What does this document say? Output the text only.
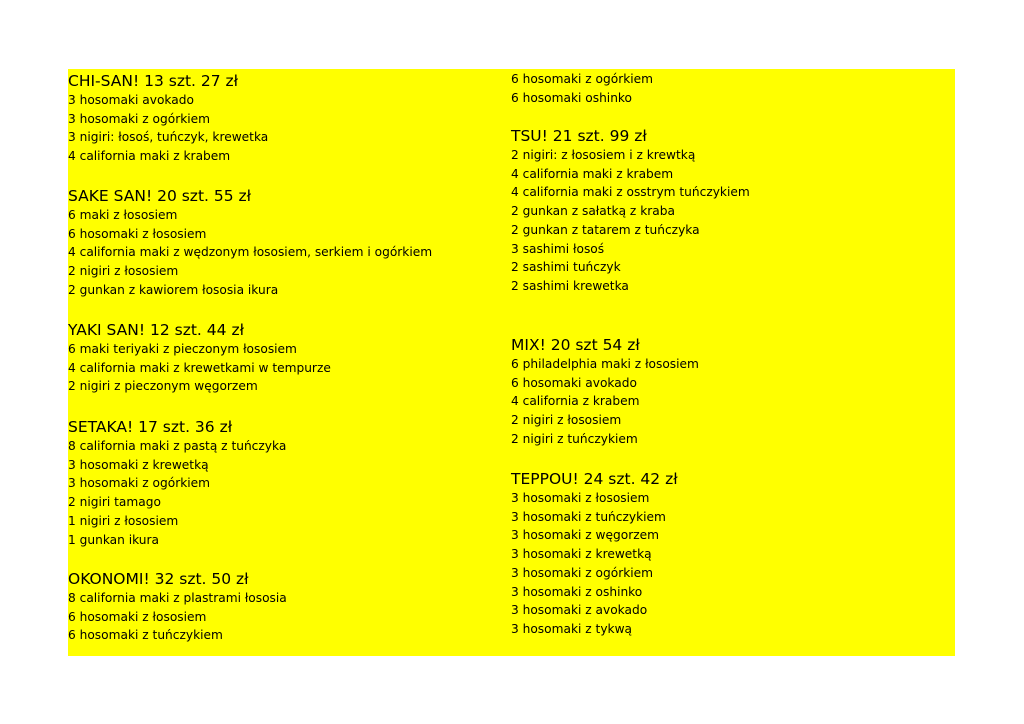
CHI-SAN! 13 szt. 27 zł
3 hosomaki avokado
3 hosomaki z ogórkiem
3 nigiri: łosoś, tuńczyk, krewetka
4 california maki z krabem
SAKE SAN! 20 szt. 55 zł
6 maki z łososiem
6 hosomaki z łososiem
4 california maki z wędzonym łososiem, serkiem i ogórkiem
2 nigiri z łososiem
2 gunkan z kawiorem łososia ikura
YAKI SAN! 12 szt. 44 zł
6 maki teriyaki z pieczonym łososiem
4 california maki z krewetkami w tempurze
2 nigiri z pieczonym węgorzem
SETAKA! 17 szt. 36 zł
8 california maki z pastą z tuńczyka
3 hosomaki z krewetką
3 hosomaki z ogórkiem
2 nigiri tamago
1 nigiri z łososiem
1 gunkan ikura
OKONOMI! 32 szt. 50 zł
8 california maki z plastrami łososia
6 hosomaki z łososiem
6 hosomaki z tuńczykiem
6 hosomaki z ogórkiem
6 hosomaki oshinko
TSU! 21 szt. 99 zł
2 nigiri: z łososiem i z krewtką
4 california maki z krabem
4 california maki z osstrym tuńczykiem
2 gunkan z sałatką z kraba
2 gunkan z tatarem z tuńczyka
3 sashimi łosoś
2 sashimi tuńczyk
2 sashimi krewetka
MIX! 20 szt 54 zł
6 philadelphia maki z łososiem
6 hosomaki avokado
4 california z krabem
2 nigiri z łososiem
2 nigiri z tuńczykiem
TEPPOU! 24 szt. 42 zł
3 hosomaki z łososiem
3 hosomaki z tuńczykiem
3 hosomaki z węgorzem
3 hosomaki z krewetką
3 hosomaki z ogórkiem
3 hosomaki z oshinko
3 hosomaki z avokado
3 hosomaki z tykwą
